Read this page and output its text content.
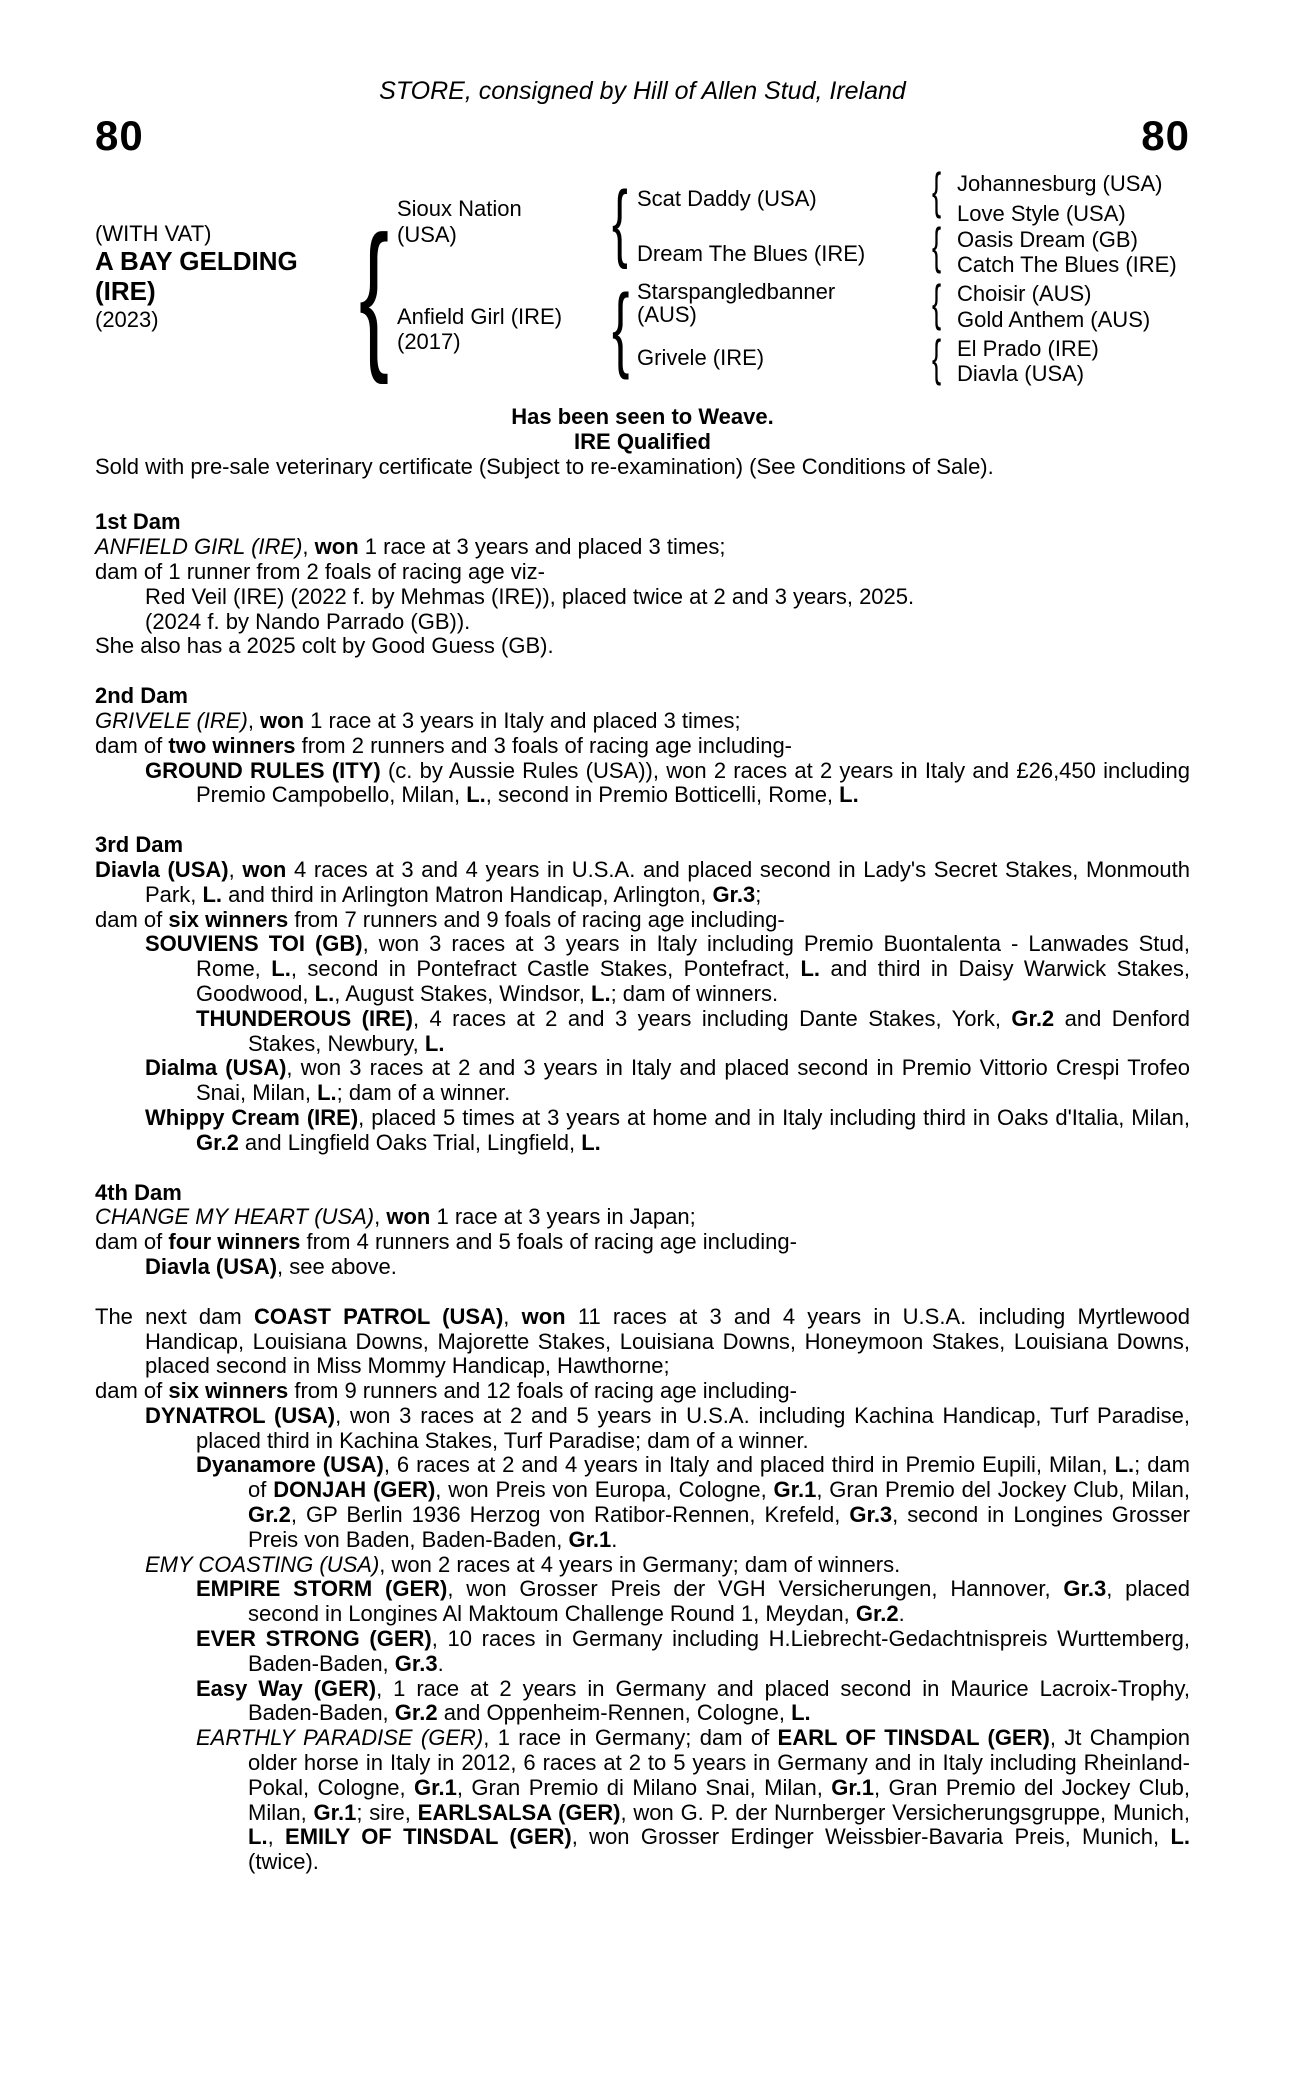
STORE, consigned by Hill of Allen Stud, Ireland
80	80
(WITH VAT)
A BAY GELDING
(IRE)
(2023)
{
{
{
{
{
{
{
Sioux Nation
(USA)
Anfield Girl (IRE)
(2017)
Scat Daddy (USA)
Dream The Blues (IRE)
Starspangledbanner
(AUS)
Grivele (IRE)
Johannesburg (USA)
Love Style (USA)
Oasis Dream (GB)
Catch The Blues (IRE)
Choisir (AUS)
Gold Anthem (AUS)
El Prado (IRE)
Diavla (USA)
Has been seen to Weave.
IRE Qualified
Sold with pre-sale veterinary certificate (Subject to re-examination) (See Conditions of Sale).
1st Dam

ANFIELD GIRL (IRE), won 1 race at 3 years and placed 3 times;

dam of 1 runner from 2 foals of racing age viz-

Red Veil (IRE) (2022 f. by Mehmas (IRE)), placed twice at 2 and 3 years, 2025.

(2024 f. by Nando Parrado (GB)).

She also has a 2025 colt by Good Guess (GB).

2nd Dam

GRIVELE (IRE), won 1 race at 3 years in Italy and placed 3 times;

dam of two winners from 2 runners and 3 foals of racing age including-

GROUND RULES (ITY) (c. by Aussie Rules (USA)), won 2 races at 2 years in Italy and £26,450 including Premio Campobello, Milan, L., second in Premio Botticelli, Rome, L.

3rd Dam

Diavla (USA), won 4 races at 3 and 4 years in U.S.A. and placed second in Lady's Secret Stakes, Monmouth Park, L. and third in Arlington Matron Handicap, Arlington, Gr.3;

dam of six winners from 7 runners and 9 foals of racing age including-

SOUVIENS TOI (GB), won 3 races at 3 years in Italy including Premio Buontalenta - Lanwades Stud, Rome, L., second in Pontefract Castle Stakes, Pontefract, L. and third in Daisy Warwick Stakes, Goodwood, L., August Stakes, Windsor, L.; dam of winners.

THUNDEROUS (IRE), 4 races at 2 and 3 years including Dante Stakes, York, Gr.2 and Denford Stakes, Newbury, L.

Dialma (USA), won 3 races at 2 and 3 years in Italy and placed second in Premio Vittorio Crespi Trofeo Snai, Milan, L.; dam of a winner.

Whippy Cream (IRE), placed 5 times at 3 years at home and in Italy including third in Oaks d'Italia, Milan, Gr.2 and Lingfield Oaks Trial, Lingfield, L.

4th Dam

CHANGE MY HEART (USA), won 1 race at 3 years in Japan;

dam of four winners from 4 runners and 5 foals of racing age including-

Diavla (USA), see above.

The next dam COAST PATROL (USA), won 11 races at 3 and 4 years in U.S.A. including Myrtlewood Handicap, Louisiana Downs, Majorette Stakes, Louisiana Downs, Honeymoon Stakes, Louisiana Downs, placed second in Miss Mommy Handicap, Hawthorne;

dam of six winners from 9 runners and 12 foals of racing age including-

DYNATROL (USA), won 3 races at 2 and 5 years in U.S.A. including Kachina Handicap, Turf Paradise, placed third in Kachina Stakes, Turf Paradise; dam of a winner.

Dyanamore (USA), 6 races at 2 and 4 years in Italy and placed third in Premio Eupili, Milan, L.; dam of DONJAH (GER), won Preis von Europa, Cologne, Gr.1, Gran Premio del Jockey Club, Milan, Gr.2, GP Berlin 1936 Herzog von Ratibor-Rennen, Krefeld, Gr.3, second in Longines Grosser Preis von Baden, Baden-Baden, Gr.1.

EMY COASTING (USA), won 2 races at 4 years in Germany; dam of winners.

EMPIRE STORM (GER), won Grosser Preis der VGH Versicherungen, Hannover, Gr.3, placed second in Longines Al Maktoum Challenge Round 1, Meydan, Gr.2.

EVER STRONG (GER), 10 races in Germany including H.Liebrecht-Gedachtnispreis Wurttemberg, Baden-Baden, Gr.3.

Easy Way (GER), 1 race at 2 years in Germany and placed second in Maurice Lacroix-Trophy, Baden-Baden, Gr.2 and Oppenheim-Rennen, Cologne, L.

EARTHLY PARADISE (GER), 1 race in Germany; dam of EARL OF TINSDAL (GER), Jt Champion older horse in Italy in 2012, 6 races at 2 to 5 years in Germany and in Italy including Rheinland-Pokal, Cologne, Gr.1, Gran Premio di Milano Snai, Milan, Gr.1, Gran Premio del Jockey Club, Milan, Gr.1; sire, EARLSALSA (GER), won G. P. der Nurnberger Versicherungsgruppe, Munich, L., EMILY OF TINSDAL (GER), won Grosser Erdinger Weissbier-Bavaria Preis, Munich, L. (twice).
